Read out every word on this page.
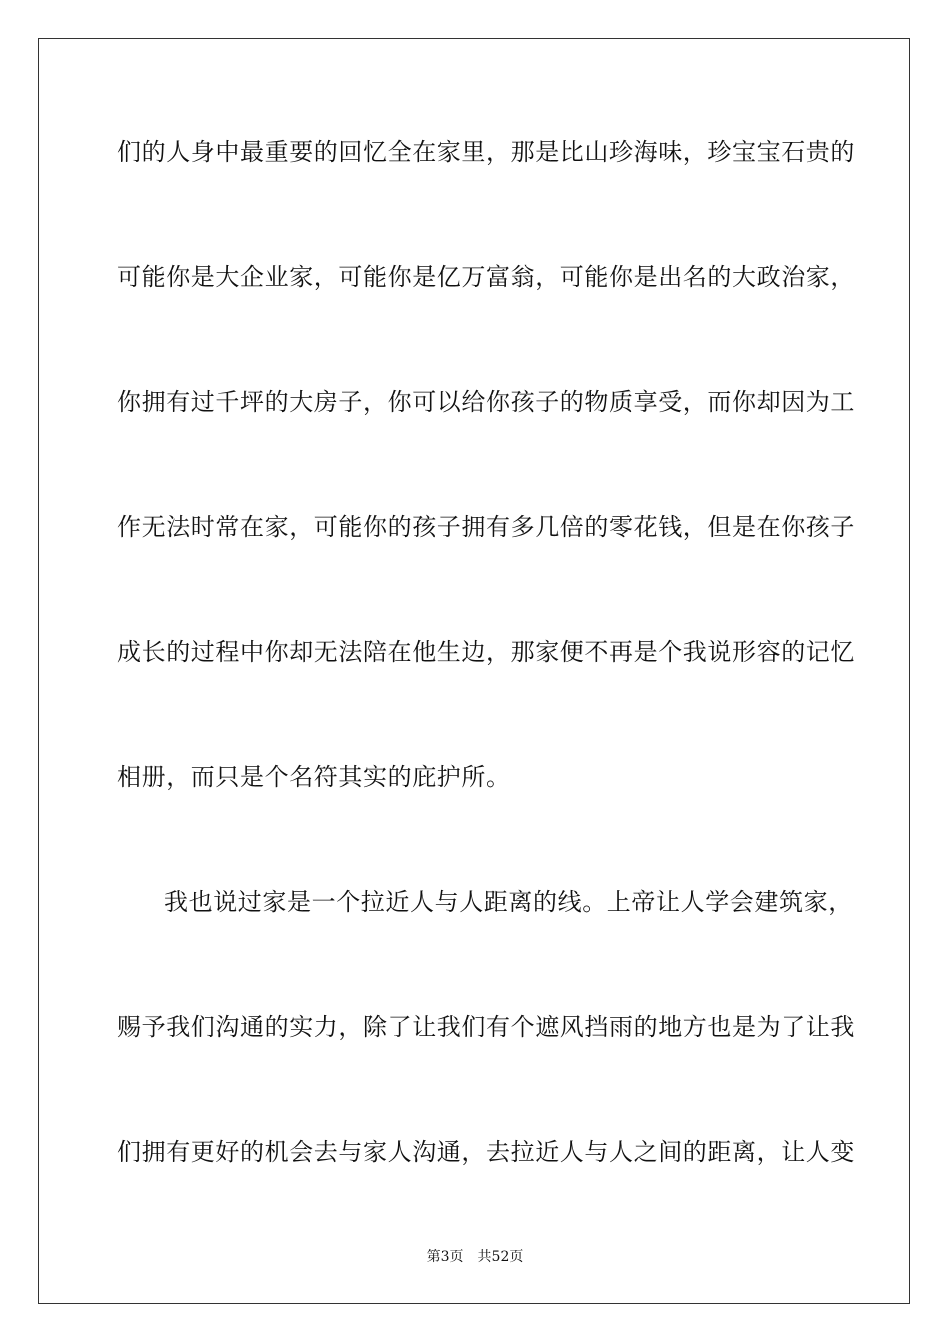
们的人身中最重要的回忆全在家里，那是比山珍海味，珍宝宝石贵的
可能你是大企业家，可能你是亿万富翁，可能你是出名的大政治家，
你拥有过千坪的大房子，你可以给你孩子的物质享受，而你却因为工
作无法时常在家，可能你的孩子拥有多几倍的零花钱，但是在你孩子
成长的过程中你却无法陪在他生边，那家便不再是个我说形容的记忆
相册，而只是个名符其实的庇护所。
我也说过家是一个拉近人与人距离的线。上帝让人学会建筑家，
赐予我们沟通的实力，除了让我们有个遮风挡雨的地方也是为了让我
们拥有更好的机会去与家人沟通，去拉近人与人之间的距离，让人变
第3页 共52页
